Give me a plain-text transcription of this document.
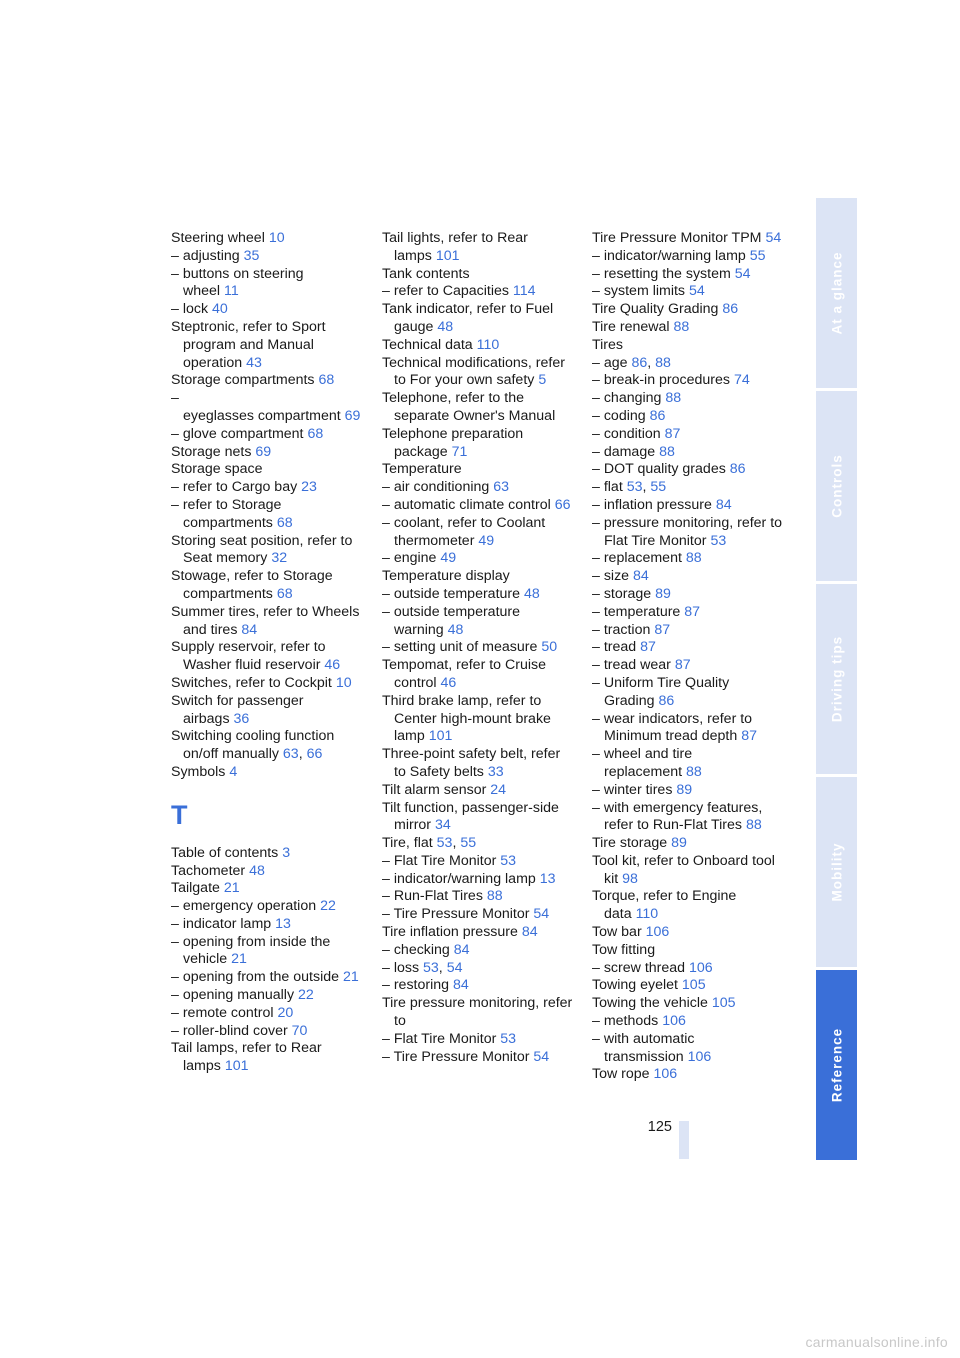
Steering wheel 10
– adjusting 35
– buttons on steering wheel 11
– lock 40
Steptronic, refer to Sport program and Manual operation 43
Storage compartments 68
–
eyeglasses compartment 69
– glove compartment 68
Storage nets 69
Storage space
– refer to Cargo bay 23
– refer to Storage compartments 68
Storing seat position, refer to Seat memory 32
Stowage, refer to Storage compartments 68
Summer tires, refer to Wheels and tires 84
Supply reservoir, refer to Washer fluid reservoir 46
Switches, refer to Cockpit 10
Switch for passenger airbags 36
Switching cooling function on/off manually 63, 66
Symbols 4
T
Table of contents 3
Tachometer 48
Tailgate 21
– emergency operation 22
– indicator lamp 13
– opening from inside the vehicle 21
– opening from the outside 21
– opening manually 22
– remote control 20
– roller-blind cover 70
Tail lamps, refer to Rear lamps 101
Tail lights, refer to Rear lamps 101
Tank contents
– refer to Capacities 114
Tank indicator, refer to Fuel gauge 48
Technical data 110
Technical modifications, refer to For your own safety 5
Telephone, refer to the separate Owner's Manual
Telephone preparation package 71
Temperature
– air conditioning 63
– automatic climate control 66
– coolant, refer to Coolant thermometer 49
– engine 49
Temperature display
– outside temperature 48
– outside temperature warning 48
– setting unit of measure 50
Tempomat, refer to Cruise control 46
Third brake lamp, refer to Center high-mount brake lamp 101
Three-point safety belt, refer to Safety belts 33
Tilt alarm sensor 24
Tilt function, passenger-side mirror 34
Tire, flat 53, 55
– Flat Tire Monitor 53
– indicator/warning lamp 13
– Run-Flat Tires 88
– Tire Pressure Monitor 54
Tire inflation pressure 84
– checking 84
– loss 53, 54
– restoring 84
Tire pressure monitoring, refer to
– Flat Tire Monitor 53
– Tire Pressure Monitor 54
Tire Pressure Monitor TPM 54
– indicator/warning lamp 55
– resetting the system 54
– system limits 54
Tire Quality Grading 86
Tire renewal 88
Tires
– age 86, 88
– break-in procedures 74
– changing 88
– coding 86
– condition 87
– damage 88
– DOT quality grades 86
– flat 53, 55
– inflation pressure 84
– pressure monitoring, refer to Flat Tire Monitor 53
– replacement 88
– size 84
– storage 89
– temperature 87
– traction 87
– tread 87
– tread wear 87
– Uniform Tire Quality Grading 86
– wear indicators, refer to Minimum tread depth 87
– wheel and tire replacement 88
– winter tires 89
– with emergency features, refer to Run-Flat Tires 88
Tire storage 89
Tool kit, refer to Onboard tool kit 98
Torque, refer to Engine data 110
Tow bar 106
Tow fitting
– screw thread 106
Towing eyelet 105
Towing the vehicle 105
– methods 106
– with automatic transmission 106
Tow rope 106
125
At a glance
Controls
Driving tips
Mobility
Reference
carmanualsonline.info
